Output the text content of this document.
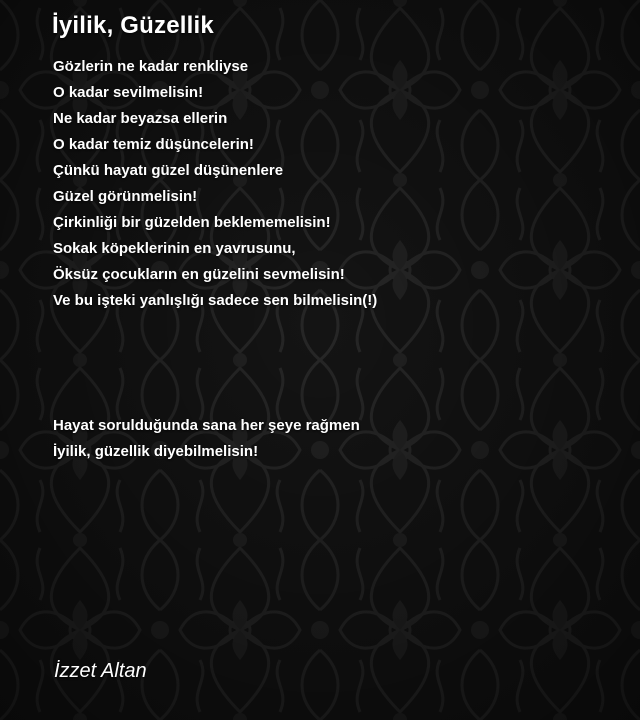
İyilik, Güzellik
Gözlerin ne kadar renkliyse
O kadar sevilmelisin!
Ne kadar beyazsa ellerin
O kadar temiz düşüncelerin!
Çünkü hayatı güzel düşünenlere
Güzel görünmelisin!
Çirkinliği bir güzelden beklememelisin!
Sokak köpeklerinin en yavrusunu,
Öksüz çocukların en güzelini sevmelisin!
Ve bu işteki yanlışlığı sadece sen bilmelisin(!)
Hayat sorulduğunda sana her şeye rağmen
İyilik, güzellik diyebilmelisin!

İzzet Altan
